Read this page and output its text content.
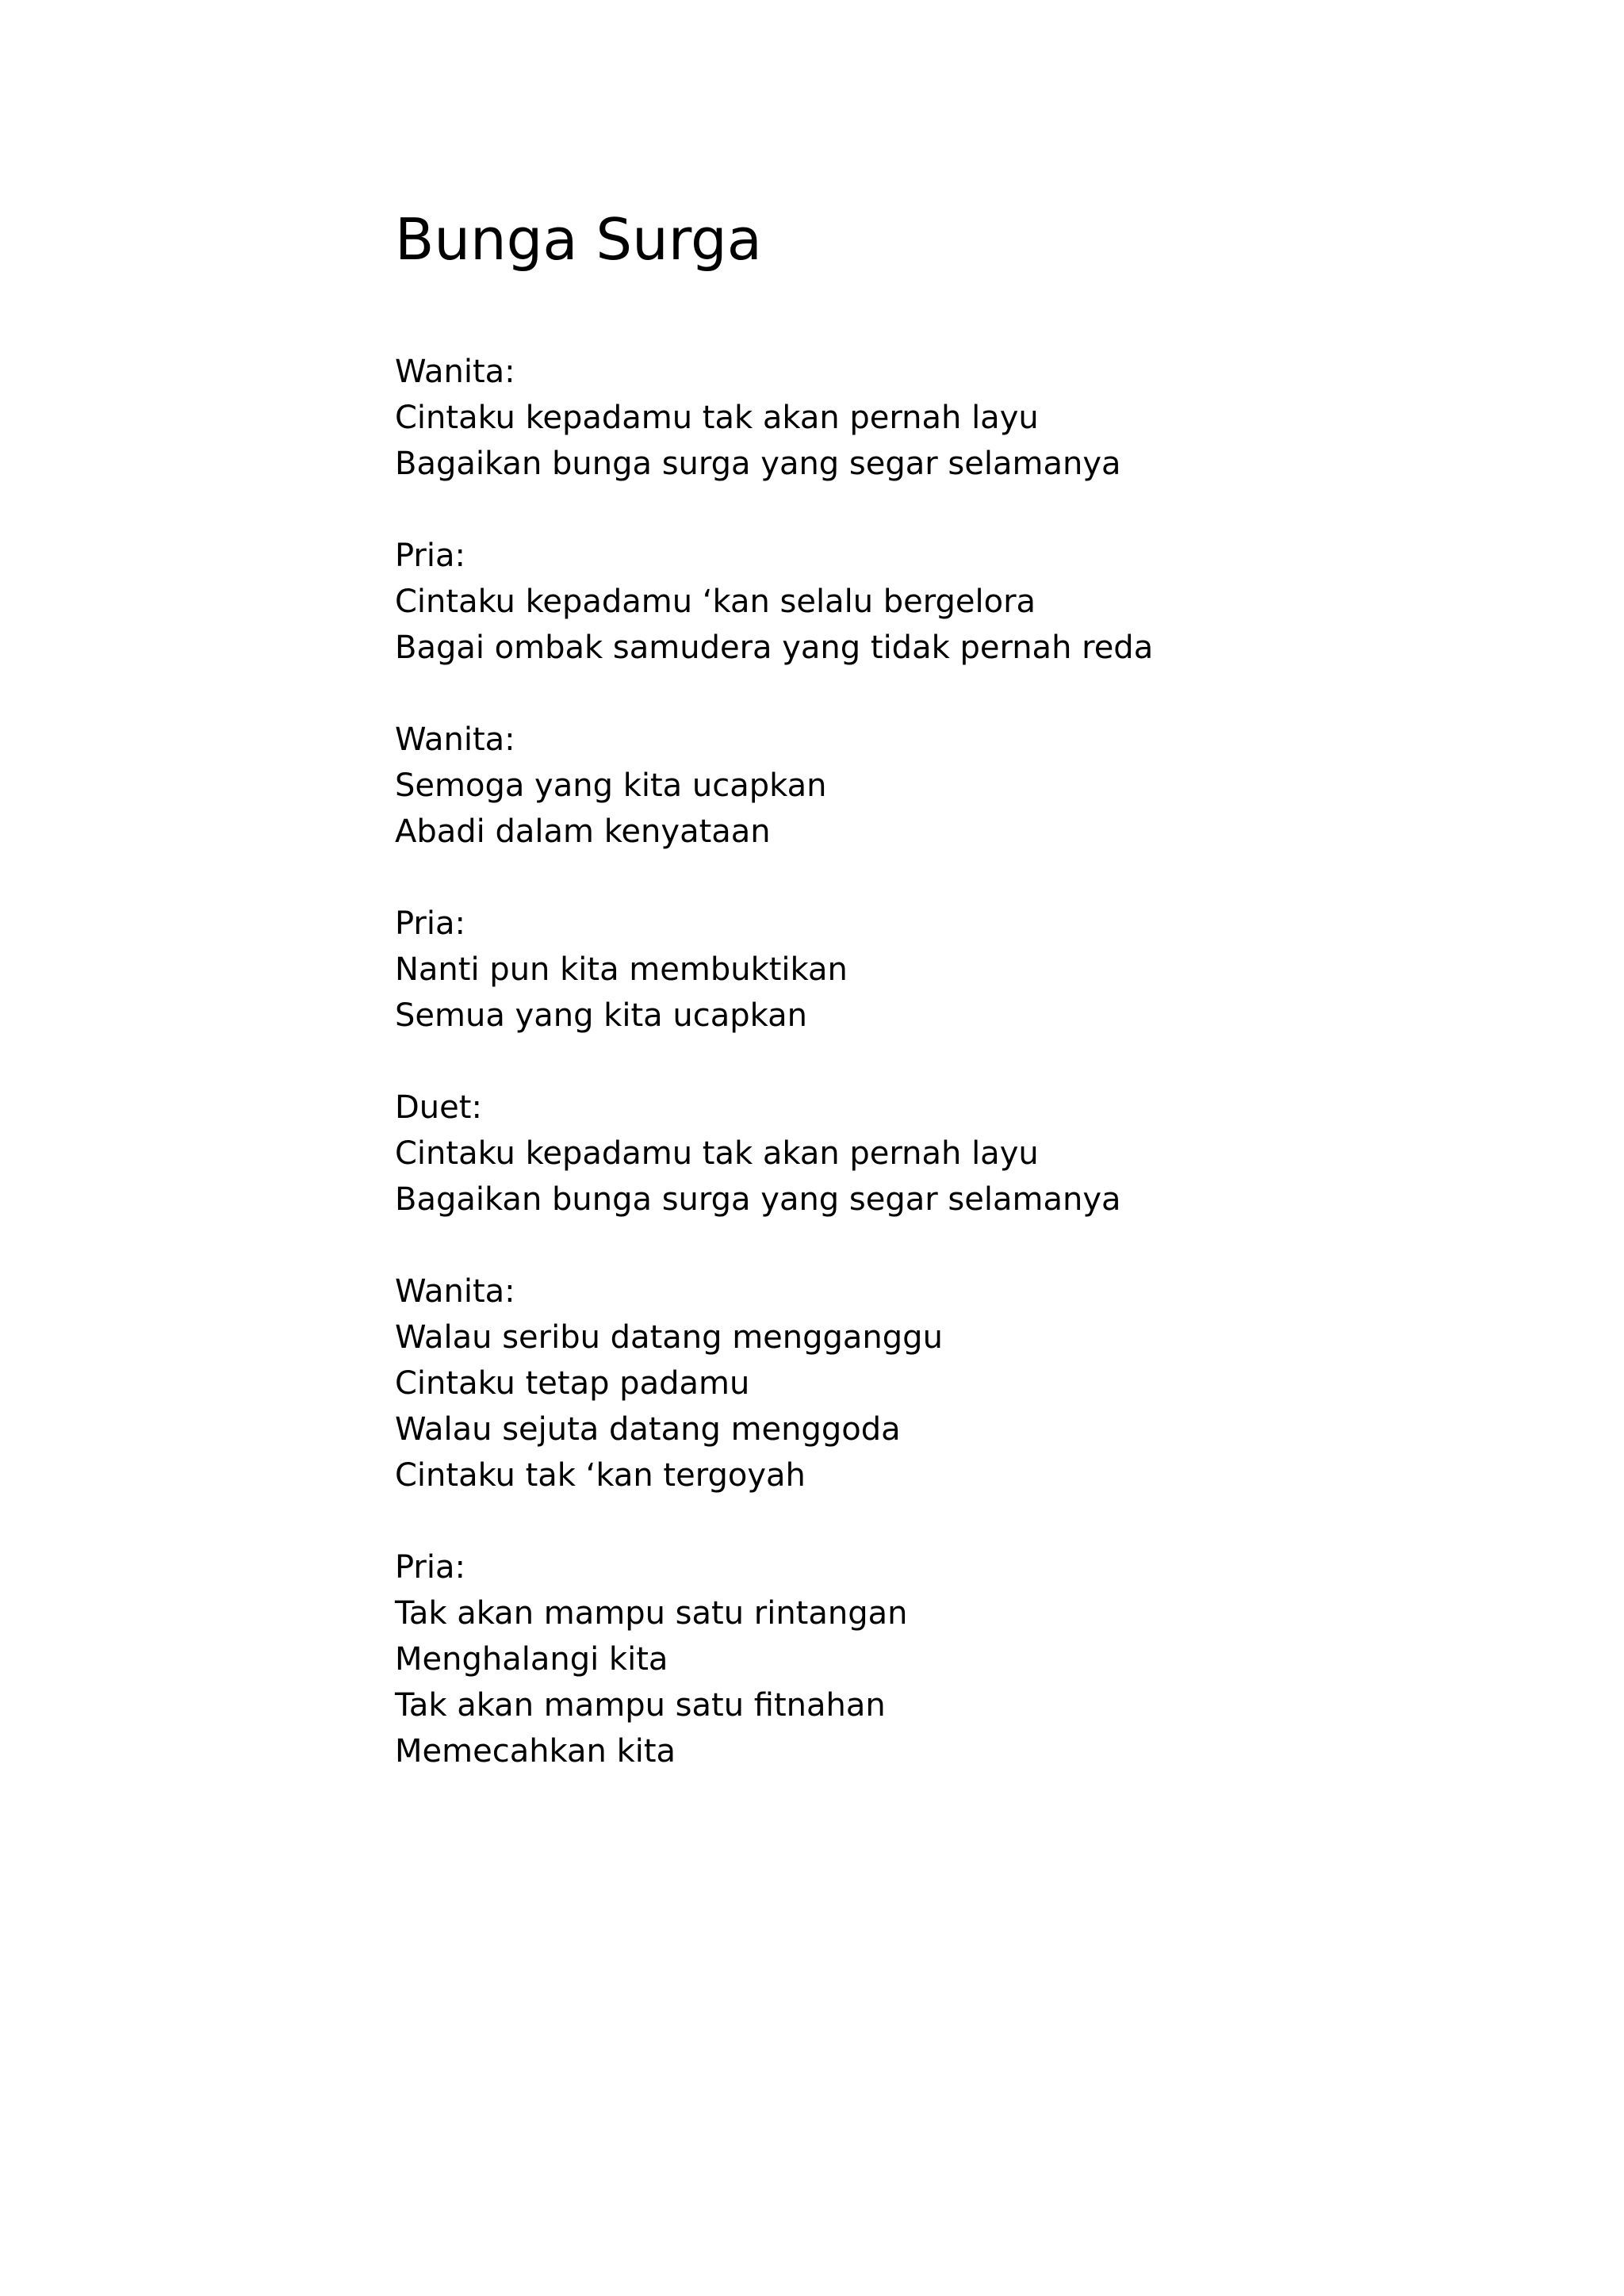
Bunga Surga
Wanita:
Cintaku kepadamu tak akan pernah layu
Bagaikan bunga surga yang segar selamanya
Pria:
Cintaku kepadamu ‘kan selalu bergelora
Bagai ombak samudera yang tidak pernah reda
Wanita:
Semoga yang kita ucapkan
Abadi dalam kenyataan
Pria:
Nanti pun kita membuktikan
Semua yang kita ucapkan
Duet:
Cintaku kepadamu tak akan pernah layu
Bagaikan bunga surga yang segar selamanya
Wanita:
Walau seribu datang mengganggu
Cintaku tetap padamu
Walau sejuta datang menggoda
Cintaku tak ‘kan tergoyah
Pria:
Tak akan mampu satu rintangan
Menghalangi kita
Tak akan mampu satu fitnahan
Memecahkan kita
